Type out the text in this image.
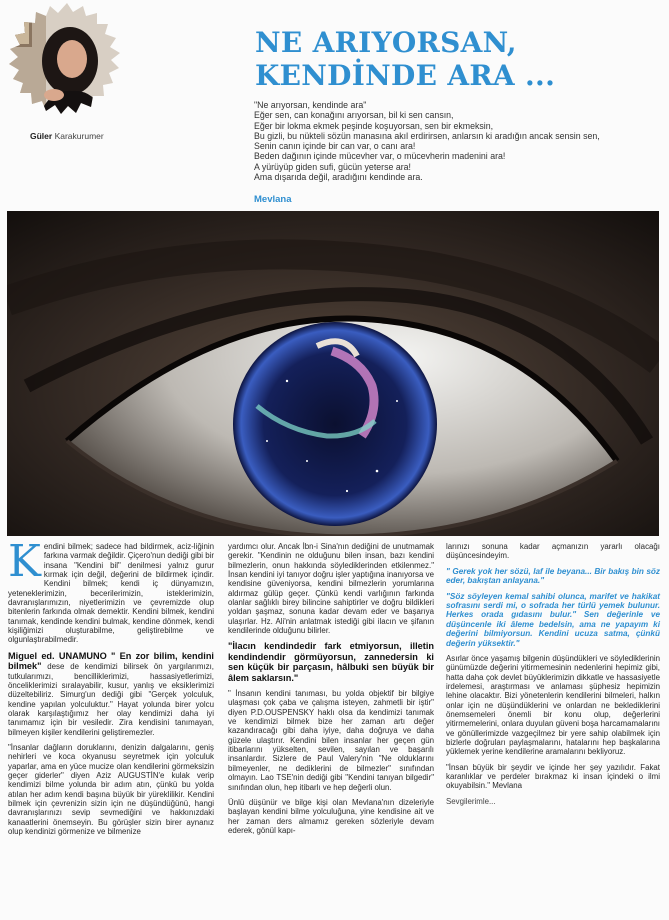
Güler Karakurumer
NE ARIYORSAN,
KENDİNDE ARA ...
"Ne arıyorsan, kendinde ara"
Eğer sen, can konağını arıyorsan, bil ki sen cansın,
Eğer bir lokma ekmek peşinde koşuyorsan, sen bir ekmeksin,
Bu gizli, bu nükteli sözün manasına akıl erdirirsen, anlarsın ki aradığın ancak sensin sen,
Senin canın içinde bir can var, o canı ara!
Beden dağının içinde mücevher var, o mücevherin madenini ara!
A yürüyüp giden sufi, gücün yeterse ara!
Ama dışarıda değil, aradığını kendinde ara.
Mevlana

K endini bilmek; sadece had bildirmek, aciz-liğinin farkına varmak değildir. Çiçero'nun dediği gibi bir insana "Kendini bil" denilmesi yalnız gurur kırmak için değil, değerini de bildirmek içindir. Kendini bilmek; kendi iç dünyamızın, yeteneklerimizin, becerilerimizin, isteklerimizin, davranışlarımızın, niyetlerimizin ve çevremizde olup bitenlerin farkında olmak demektir. Kendini bilmek, kendini tanımak, kendinde kendini bulmak, kendine dönmek, kendi kişiliğimizi oluşturabilme, geliştirebilme ve olgunlaştırabilmedir.

Miguel ed. UNAMUNO " En zor bilim, kendini bilmek" dese de kendimizi bilirsek ön yargılarımızı, tutkularımızı, bencilliklerimizi, hassasiyetlerimizi, önceliklerimizi sıralayabilir, kusur, yanlış ve eksiklerimizi düzeltebiliriz. Simurg'un dediği gibi "Gerçek yolculuk, kendine yapılan yolculuktur." Hayat yolunda birer yolcu olarak karşılaştığımız her olay kendimizi daha iyi tanımamız için bir vesiledir. Zira kendisini tanımayan, bilmeyen kişiler kendilerini geliştiremezler.

"İnsanlar dağların doruklarını, denizin dalgalarını, geniş nehirleri ve koca okyanusu seyretmek için yolculuk yaparlar, ama en yüce mucize olan kendilerini görmeksizin geçer giderler" diyen Aziz AUGUSTİN'e kulak verip kendimizi bilme yolunda bir adım atın, çünkü bu yolda atılan her adım kendi başına büyük bir yüreklilikir. Kendini bilmek için çevrenizin sizin için ne düşündüğünü, hangi davranışlarınızı sevip sevmediğini ve hakkınızdaki kanaatlerini önemseyin. Bu görüşler sizin birer aynanız olup kendinizi görmenize ve bilmenize

yardımcı olur. Ancak İbn-i Sina'nın dediğini de unutmamak gerekir. "Kendinin ne olduğunu bilen insan, bazı kendini bilmezlerin, onun hakkında söylediklerinden etkilenmez." İnsan kendini iyi tanıyor doğru işler yaptığına inanıyorsa ve kendisine güveniyorsa, kendini bilmezlerin yorumlarına aldırmaz gülüp geçer. Çünkü kendi varlığının farkında olanlar sağlıklı birey bilincine sahiptirler ve doğru bildikleri yoldan şaşmaz, sonuna kadar devam eder ve başarıya ulaşırlar. Hz. Ali'nin anlatmak istediği gibi ilacın ve şifanın kendilerinde olduğunu bilirler.

"İlacın kendindedir fark etmiyorsun, illetin kendindendir görmüyorsun, zannedersin ki sen küçük bir parçasın, hâlbuki sen büyük bir âlem saklarsın."

" İnsanın kendini tanıması, bu yolda objektif bir bilgiye ulaşması çok çaba ve çalışma isteyen, zahmetli bir iştir" diyen P.D.OUSPENSKY haklı olsa da kendimizi tanımak ve kendimizi bilmek bize her zaman artı değer kazandıracağı gibi daha iyiye, daha doğruya ve daha güzele ulaştırır. Kendini bilen insanlar her geçen gün itibarlarını yükselten, sevilen, sayılan ve başarılı insanlardır. Sizlere de Paul Valery'nin "Ne olduklarını bilmeyenler, ne dediklerini de bilmezler" sınıfından olmayın. Lao TSE'nin dediği gibi "Kendini tanıyan bilgedir" sınıfından olun, hep itibarlı ve hep değerli olun.

Ünlü düşünür ve bilge kişi olan Mevlana'nın dizeleriyle başlayan kendini bilme yolculuğuna, yine kendisine ait ve her zaman ders almamız gereken sözleriyle devam ederek, gönül kapı-

larınızı sonuna kadar açmanızın yararlı olacağı düşüncesindeyim.

" Gerek yok her sözü, laf ile beyana... Bir bakış bin söz eder, bakıştan anlayana."

"Söz söyleyen kemal sahibi olunca, marifet ve hakikat sofrasını serdi mi, o sofrada her türlü yemek bulunur. Herkes orada gıdasını bulur." Sen değerinle ve düşüncenle iki âleme bedelsin, ama ne yapayım ki değerini bilmiyorsun. Kendini ucuza satma, çünkü değerin yüksektir."

Asırlar önce yaşamış bilgenin düşündükleri ve söylediklerinin günümüzde değerini yitirmemesinin nedenlerini hepimiz gibi, hatta daha çok devlet büyüklerimizin dikkatle ve hassasiyetle irdelemesi, araştırması ve anlaması şüphesiz hepimizin lehine olacaktır. Bizi yönetenlerin kendilerini bilmeleri, halkın onlar için ne düşündüklerini ve onlardan ne beklediklerini önemsemeleri önemli bir konu olup, değerlerini yitirmemelerini, onlara duyulan güveni boşa harcamamalarını ve gönüllerimizde vazgeçilmez bir yere sahip olabilmek için bizlerle doğruları paylaşmalarını, hatalarını hep başkalarına yüklemek yerine kendilerine aramalarını bekliyoruz.

"İnsan büyük bir şeydir ve içinde her şey yazılıdır. Fakat karanlıklar ve perdeler bırakmaz ki insan içindeki o ilmi okuyabilsin." Mevlana

Sevgilerimle...
